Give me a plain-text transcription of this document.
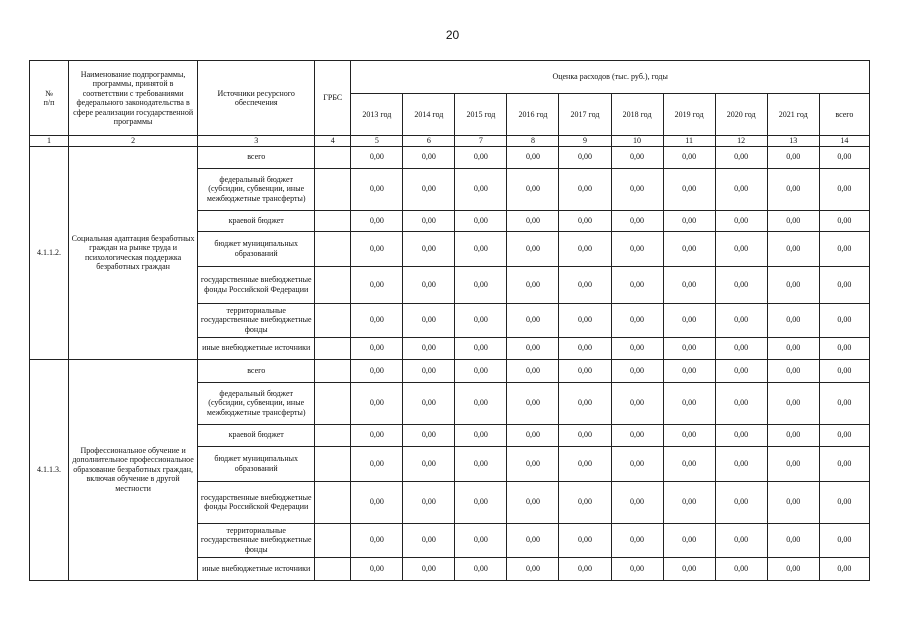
20
№
п/п	Наименование подпрограммы, программы, принятой в соответствии с требованиями федерального законодательства в сфере реализации государственной программы	Источники ресурсного обеспечения	ГРБС	Оценка расходов (тыс. руб.), годы									
				2013 год	2014 год	2015 год	2016 год	2017 год	2018 год	2019 год	2020 год	2021 год	всего
1	2	3	4	5	6	7	8	9	10	11	12	13	14
4.1.1.2.	Социальная адаптация безработных граждан на рынке труда и психологическая поддержка безработных граждан	всего		0,00	0,00	0,00	0,00	0,00	0,00	0,00	0,00	0,00	0,00
		федеральный бюджет (субсидии, субвенции, иные межбюджетные трансферты)		0,00	0,00	0,00	0,00	0,00	0,00	0,00	0,00	0,00	0,00
		краевой бюджет		0,00	0,00	0,00	0,00	0,00	0,00	0,00	0,00	0,00	0,00
		бюджет муниципальных образований		0,00	0,00	0,00	0,00	0,00	0,00	0,00	0,00	0,00	0,00
		государственные внебюджетные фонды Российской Федерации		0,00	0,00	0,00	0,00	0,00	0,00	0,00	0,00	0,00	0,00
		территориальные государственные внебюджетные фонды		0,00	0,00	0,00	0,00	0,00	0,00	0,00	0,00	0,00	0,00
		иные внебюджетные источники		0,00	0,00	0,00	0,00	0,00	0,00	0,00	0,00	0,00	0,00
4.1.1.3.	Профессиональное обучение и дополнительное профессиональное образование безработных граждан, включая обучение в другой местности	всего		0,00	0,00	0,00	0,00	0,00	0,00	0,00	0,00	0,00	0,00
		федеральный бюджет (субсидии, субвенции, иные межбюджетные трансферты)		0,00	0,00	0,00	0,00	0,00	0,00	0,00	0,00	0,00	0,00
		краевой бюджет		0,00	0,00	0,00	0,00	0,00	0,00	0,00	0,00	0,00	0,00
		бюджет муниципальных образований		0,00	0,00	0,00	0,00	0,00	0,00	0,00	0,00	0,00	0,00
		государственные внебюджетные фонды Российской Федерации		0,00	0,00	0,00	0,00	0,00	0,00	0,00	0,00	0,00	0,00
		территориальные государственные внебюджетные фонды		0,00	0,00	0,00	0,00	0,00	0,00	0,00	0,00	0,00	0,00
		иные внебюджетные источники		0,00	0,00	0,00	0,00	0,00	0,00	0,00	0,00	0,00	0,00
